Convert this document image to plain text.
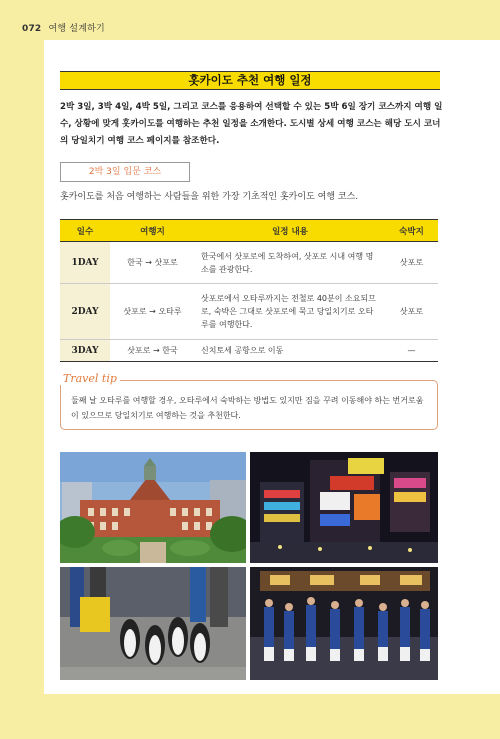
072 여행 설계하기
홋카이도 추천 여행 일정
2박 3일, 3박 4일, 4박 5일, 그리고 코스를 응용하여 선택할 수 있는 5박 6일 장기 코스까지 여행 일수, 상황에 맞게 홋카이도를 여행하는 추천 일정을 소개한다. 도시별 상세 여행 코스는 해당 도시 코너의 당일치기 여행 코스 페이지를 참조한다.
2박 3일 입문 코스
홋카이도를 처음 여행하는 사람들을 위한 가장 기초적인 홋카이도 여행 코스.
일수	여행지	일정 내용	숙박지
1DAY	한국 → 삿포로	한국에서 삿포로에 도착하여, 삿포로 시내 여행 명소를 관광한다.	삿포로
2DAY	삿포로 → 오타루	삿포로에서 오타루까지는 전철로 40분이 소요되므로, 숙박은 그대로 삿포로에 묵고 당일치기로 오타루를 여행한다.	삿포로
3DAY	삿포로 → 한국	신치토세 공항으로 이동	—
둘째 날 오타루를 여행할 경우, 오타루에서 숙박하는 방법도 있지만 짐을 꾸려 이동해야 하는 번거로움이 있으므로 당일치기로 여행하는 것을 추천한다.
Travel tip
